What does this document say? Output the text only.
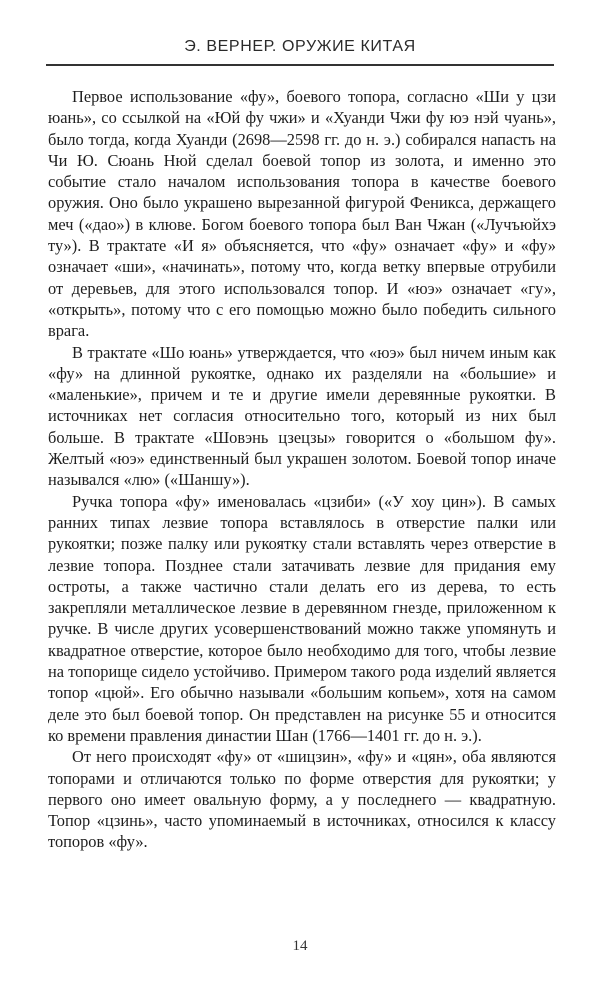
Э. ВЕРНЕР. ОРУЖИЕ КИТАЯ

Первое использование «фу», боевого топора, согласно «Ши у цзи юань», со ссылкой на «Юй фу чжи» и «Хуанди Чжи фу юэ нэй чуань», было тогда, когда Хуанди (2698—2598 гг. до н. э.) собирался напасть на Чи Ю. Сюань Нюй сделал боевой топор из золота, и именно это событие стало началом использования топора в качестве боевого оружия. Оно было украшено вырезанной фигурой Феникса, держащего меч («дао») в клюве. Богом боевого топора был Ван Чжан («Лучъюйхэ ту»). В трактате «И я» объясняется, что «фу» означает «фу» и «фу» означает «ши», «начинать», потому что, когда ветку впервые отрубили от деревьев, для этого использовался топор. И «юэ» означает «гу», «открыть», потому что с его помощью можно было победить сильного врага.

В трактате «Шо юань» утверждается, что «юэ» был ничем иным как «фу» на длинной рукоятке, однако их разделяли на «большие» и «маленькие», причем и те и другие имели деревянные рукоятки. В источниках нет согласия относительно того, который из них был больше. В трактате «Шовэнь цзецзы» говорится о «большом фу». Желтый «юэ» единственный был украшен золотом. Боевой топор иначе назывался «лю» («Шаншу»).

Ручка топора «фу» именовалась «цзиби» («У хоу цин»). В самых ранних типах лезвие топора вставлялось в отверстие палки или рукоятки; позже палку или рукоятку стали вставлять через отверстие в лезвие топора. Позднее стали затачивать лезвие для придания ему остроты, а также частично стали делать его из дерева, то есть закрепляли металлическое лезвие в деревянном гнезде, приложенном к ручке. В числе других усовершенствований можно также упомянуть и квадратное отверстие, которое было необходимо для того, чтобы лезвие на топорище сидело устойчиво. Примером такого рода изделий является топор «цюй». Его обычно называли «большим копьем», хотя на самом деле это был боевой топор. Он представлен на рисунке 55 и относится ко времени правления династии Шан (1766—1401 гг. до н. э.).

От него происходят «фу» от «шицзин», «фу» и «цян», оба являются топорами и отличаются только по форме отверстия для рукоятки; у первого оно имеет овальную форму, а у последнего — квадратную. Топор «цзинь», часто упоминаемый в источниках, относился к классу топоров «фу».

14
